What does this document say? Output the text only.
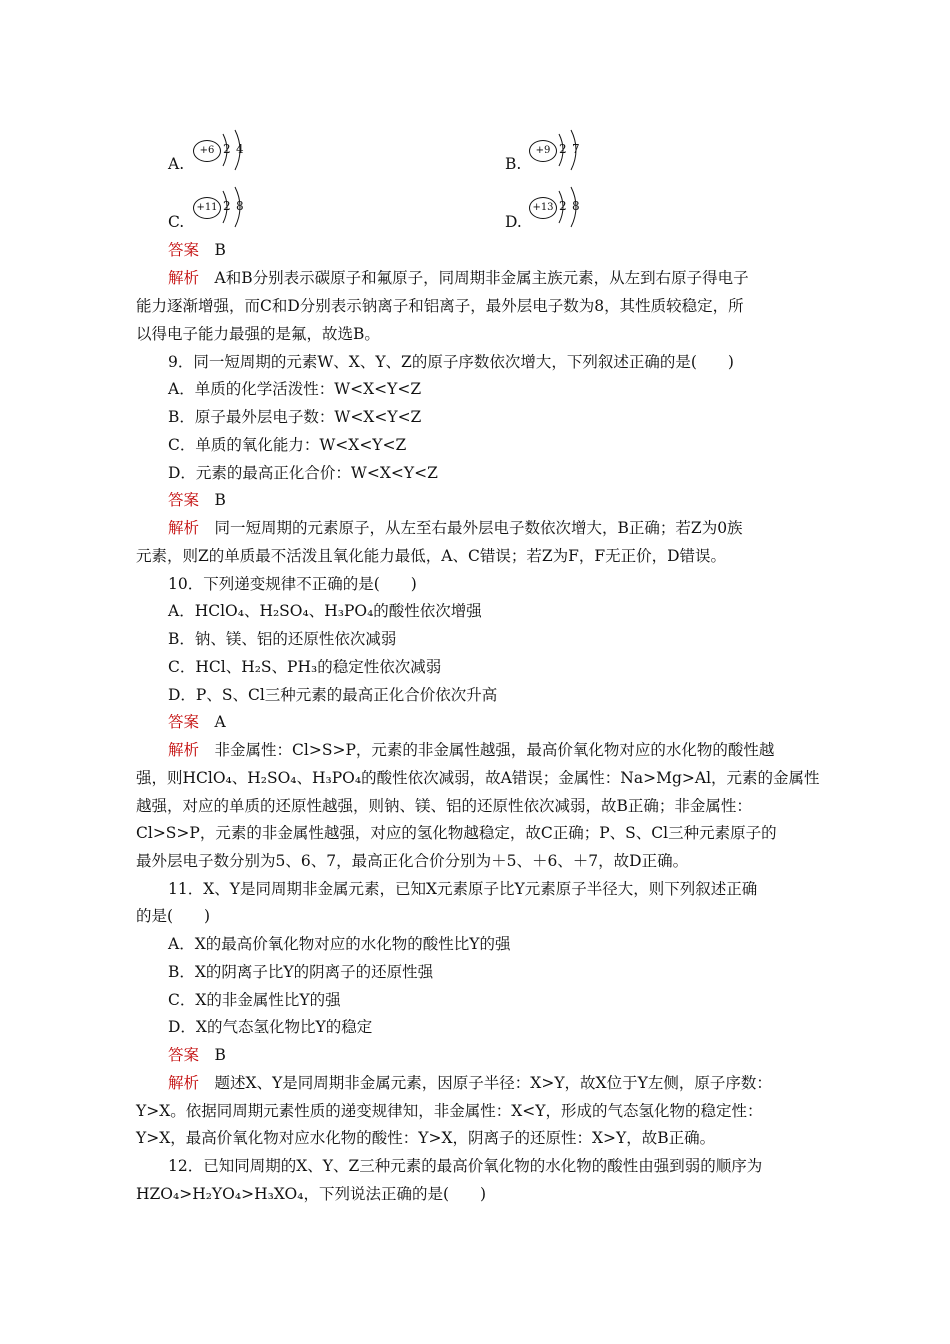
A.
+6 2 4
B.
+9 2 7
C.
+11 2 8
D.
+13 2 8
答案　 B
解析　 A和B分别表示碳原子和氟原子，同周期非金属主族元素，从左到右原子得电子
能力逐渐增强，而C和D分别表示钠离子和铝离子，最外层电子数为8，其性质较稳定，所
以得电子能力最强的是氟，故选B。
9．同一短周期的元素W、X、Y、Z的原子序数依次增大，下列叙述正确的是(　　)
A．单质的化学活泼性：W<X<Y<Z
B．原子最外层电子数：W<X<Y<Z
C．单质的氧化能力：W<X<Y<Z
D．元素的最高正化合价：W<X<Y<Z
答案　 B
解析　 同一短周期的元素原子，从左至右最外层电子数依次增大，B正确；若Z为0族
元素，则Z的单质最不活泼且氧化能力最低，A、C错误；若Z为F，F无正价，D错误。
10．下列递变规律不正确的是(　　)
A．HClO₄、H₂SO₄、H₃PO₄的酸性依次增强
B．钠、镁、铝的还原性依次减弱
C．HCl、H₂S、PH₃的稳定性依次减弱
D．P、S、Cl三种元素的最高正化合价依次升高
答案　 A
解析　 非金属性：Cl>S>P，元素的非金属性越强，最高价氧化物对应的水化物的酸性越
强，则HClO₄、H₂SO₄、H₃PO₄的酸性依次减弱，故A错误；金属性：Na>Mg>Al，元素的金属性
越强，对应的单质的还原性越强，则钠、镁、铝的还原性依次减弱，故B正确；非金属性：
Cl>S>P，元素的非金属性越强，对应的氢化物越稳定，故C正确；P、S、Cl三种元素原子的
最外层电子数分别为5、6、7，最高正化合价分别为＋5、＋6、＋7，故D正确。
11．X、Y是同周期非金属元素，已知X元素原子比Y元素原子半径大，则下列叙述正确
的是(　　)
A．X的最高价氧化物对应的水化物的酸性比Y的强
B．X的阴离子比Y的阴离子的还原性强
C．X的非金属性比Y的强
D．X的气态氢化物比Y的稳定
答案　 B
解析　 题述X、Y是同周期非金属元素，因原子半径：X>Y，故X位于Y左侧，原子序数：
Y>X。依据同周期元素性质的递变规律知，非金属性：X<Y，形成的气态氢化物的稳定性：
Y>X，最高价氧化物对应水化物的酸性：Y>X，阴离子的还原性：X>Y，故B正确。
12．已知同周期的X、Y、Z三种元素的最高价氧化物的水化物的酸性由强到弱的顺序为
HZO₄>H₂YO₄>H₃XO₄，下列说法正确的是(　　)
